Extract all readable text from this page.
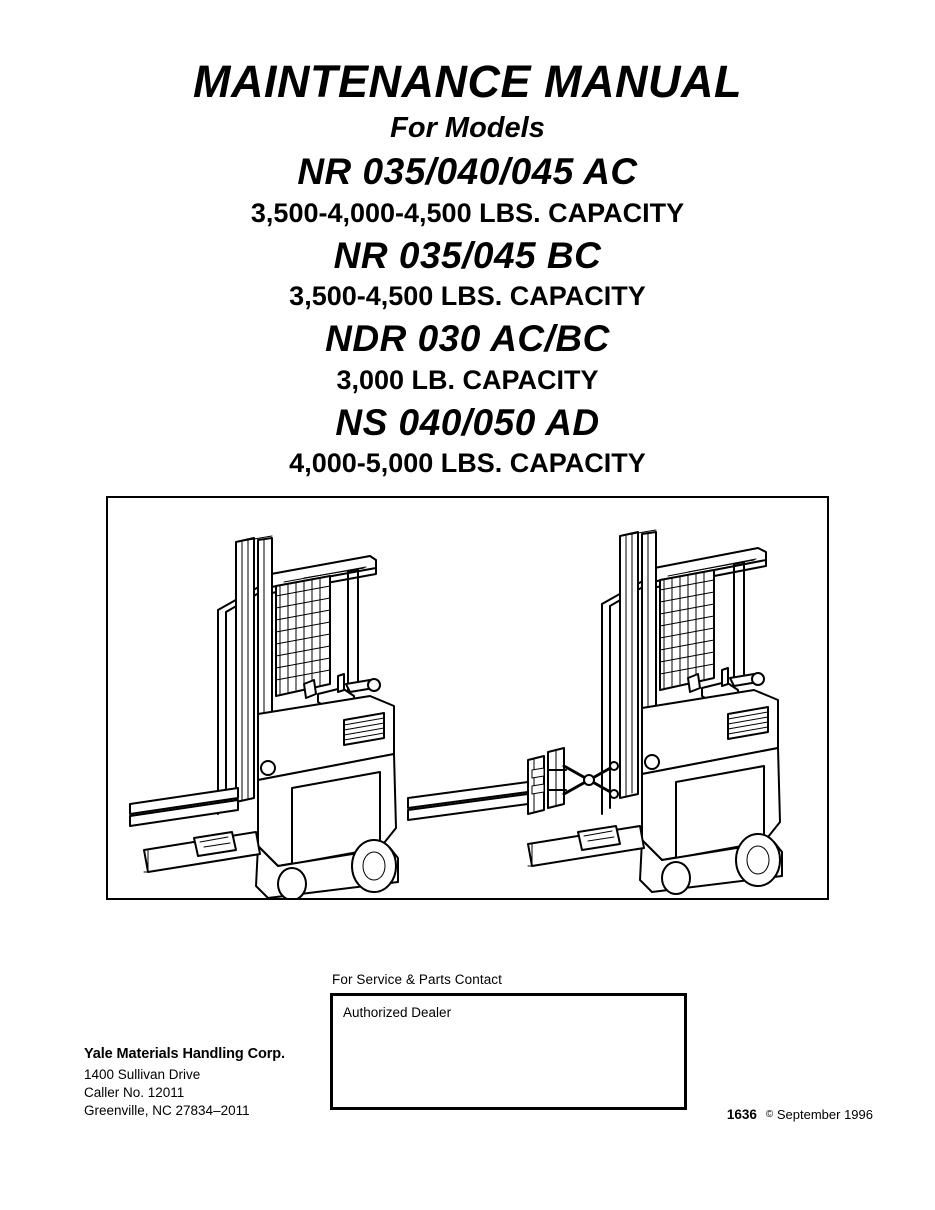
MAINTENANCE MANUAL
For Models
NR 035/040/045 AC
3,500-4,000-4,500 LBS. CAPACITY
NR 035/045 BC
3,500-4,500 LBS. CAPACITY
NDR 030 AC/BC
3,000 LB. CAPACITY
NS 040/050 AD
4,000-5,000 LBS. CAPACITY
For Service & Parts Contact
Authorized Dealer
Yale Materials Handling Corp.
1400 Sullivan Drive
Caller No. 12011
Greenville, NC 27834–2011	1636 © September 1996
